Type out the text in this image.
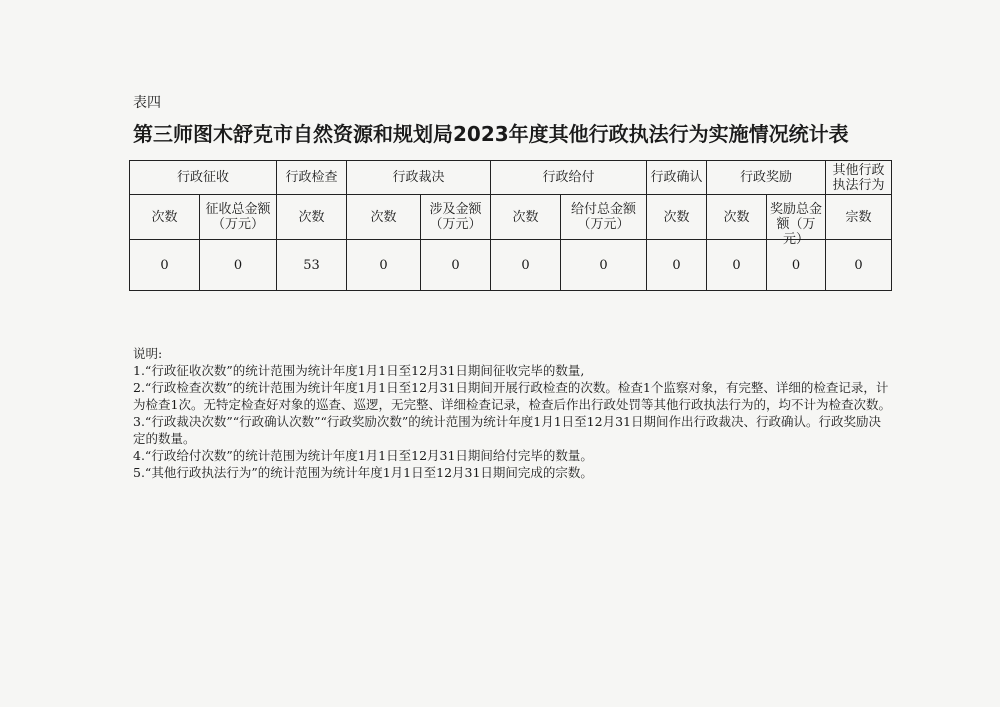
表四
第三师图木舒克市自然资源和规划局2023年度其他行政执法行为实施情况统计表
行政征收		行政检查	行政裁决		行政给付		行政确认	行政奖励		其他行政执法行为
次数	征收总金额（万元）	次数	次数	涉及金额（万元）	次数	给付总金额（万元）	次数	次数	奖励总金额（万元）	宗数
0	0	53	0	0	0	0	0	0	0	0

说明:

1.“行政征收次数”的统计范围为统计年度1月1日至12月31日期间征收完毕的数量,

2.“行政检查次数”的统计范围为统计年度1月1日至12月31日期间开展行政检查的次数。检查1个监察对象，有完整、详细的检查记录，计为检查1次。无特定检查好对象的巡查、巡逻，无完整、详细检查记录，检查后作出行政处罚等其他行政执法行为的，均不计为检查次数。

3.“行政裁决次数”“行政确认次数”“行政奖励次数”的统计范围为统计年度1月1日至12月31日期间作出行政裁决、行政确认。行政奖励决定的数量。

4.“行政给付次数”的统计范围为统计年度1月1日至12月31日期间给付完毕的数量。

5.“其他行政执法行为”的统计范围为统计年度1月1日至12月31日期间完成的宗数。
